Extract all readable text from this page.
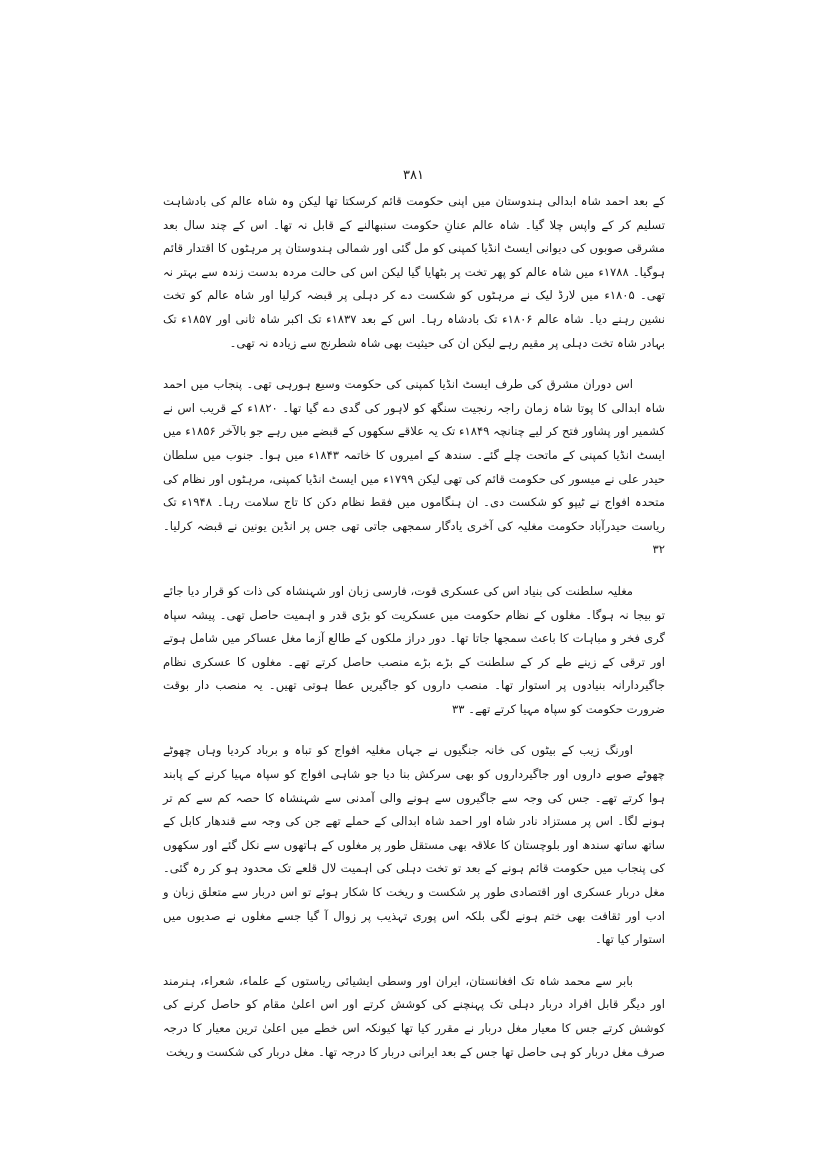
۳۸۱

کے بعد احمد شاہ ابدالی ہندوستان میں اپنی حکومت قائم کرسکتا تھا لیکن وہ شاہ عالم کی بادشاہت تسلیم کر کے واپس چلا گیا۔ شاہ عالم عنانِ حکومت سنبھالنے کے قابل نہ تھا۔ اس کے چند سال بعد مشرقی صوبوں کی دیوانی ایسٹ انڈیا کمپنی کو مل گئی اور شمالی ہندوستان پر مرہٹوں کا اقتدار قائم ہوگیا۔ ۱۷۸۸ء میں شاہ عالم کو پھر تخت پر بٹھایا گیا لیکن اس کی حالت مردہ بدست زندہ سے بہتر نہ تھی۔ ۱۸۰۵ء میں لارڈ لیک نے مرہٹوں کو شکست دے کر دہلی پر قبضہ کرلیا اور شاہ عالم کو تخت نشین رہنے دیا۔ شاہ عالم ۱۸۰۶ء تک بادشاہ رہا۔ اس کے بعد ۱۸۳۷ء تک اکبر شاہ ثانی اور ۱۸۵۷ء تک بہادر شاہ تخت دہلی پر مقیم رہے لیکن ان کی حیثیت بھی شاہ شطرنج سے زیادہ نہ تھی۔

اس دوران مشرق کی طرف ایسٹ انڈیا کمپنی کی حکومت وسیع ہورہی تھی۔ پنجاب میں احمد شاہ ابدالی کا پوتا شاہ زمان راجہ رنجیت سنگھ کو لاہور کی گدی دے گیا تھا۔ ۱۸۲۰ء کے قریب اس نے کشمیر اور پشاور فتح کر لیے چنانچہ ۱۸۴۹ء تک یہ علاقے سکھوں کے قبضے میں رہے جو بالآخر ۱۸۵۶ء میں ایسٹ انڈیا کمپنی کے ماتحت چلے گئے۔ سندھ کے امیروں کا خاتمہ ۱۸۴۳ء میں ہوا۔ جنوب میں سلطان حیدر علی نے میسور کی حکومت قائم کی تھی لیکن ۱۷۹۹ء میں ایسٹ انڈیا کمپنی، مرہٹوں اور نظام کی متحدہ افواج نے ٹیپو کو شکست دی۔ ان ہنگاموں میں فقط نظام دکن کا تاج سلامت رہا۔ ۱۹۴۸ء تک ریاست حیدرآباد حکومت مغلیہ کی آخری یادگار سمجھی جاتی تھی جس پر انڈین یونین نے قبضہ کرلیا۔ ۳۲

مغلیہ سلطنت کی بنیاد اس کی عسکری قوت، فارسی زبان اور شہنشاہ کی ذات کو قرار دیا جائے تو بیجا نہ ہوگا۔ مغلوں کے نظام حکومت میں عسکریت کو بڑی قدر و اہمیت حاصل تھی۔ پیشہ سپاہ گری فخر و مباہات کا باعث سمجھا جاتا تھا۔ دور دراز ملکوں کے طالع آزما مغل عساکر میں شامل ہوتے اور ترقی کے زینے طے کر کے سلطنت کے بڑے بڑے منصب حاصل کرتے تھے۔ مغلوں کا عسکری نظام جاگیردارانہ بنیادوں پر استوار تھا۔ منصب داروں کو جاگیریں عطا ہوتی تھیں۔ یہ منصب دار بوقت ضرورت حکومت کو سپاہ مہیا کرتے تھے۔ ۳۳

اورنگ زیب کے بیٹوں کی خانہ جنگیوں نے جہاں مغلیہ افواج کو تباہ و برباد کردیا وہاں چھوٹے چھوٹے صوبے داروں اور جاگیرداروں کو بھی سرکش بنا دیا جو شاہی افواج کو سپاہ مہیا کرنے کے پابند ہوا کرتے تھے۔ جس کی وجہ سے جاگیروں سے ہونے والی آمدنی سے شہنشاہ کا حصہ کم سے کم تر ہونے لگا۔ اس پر مستزاد نادر شاہ اور احمد شاہ ابدالی کے حملے تھے جن کی وجہ سے قندھار کابل کے ساتھ ساتھ سندھ اور بلوچستان کا علاقہ بھی مستقل طور پر مغلوں کے ہاتھوں سے نکل گئے اور سکھوں کی پنجاب میں حکومت قائم ہونے کے بعد تو تخت دہلی کی اہمیت لال قلعے تک محدود ہو کر رہ گئی۔ مغل دربار عسکری اور اقتصادی طور پر شکست و ریخت کا شکار ہوئے تو اس دربار سے متعلق زبان و ادب اور ثقافت بھی ختم ہونے لگی بلکہ اس پوری تہذیب پر زوال آ گیا جسے مغلوں نے صدیوں میں استوار کیا تھا۔

بابر سے محمد شاہ تک افغانستان، ایران اور وسطی ایشیائی ریاستوں کے علماء، شعراء، ہنرمند اور دیگر قابل افراد دربار دہلی تک پہنچنے کی کوشش کرتے اور اس اعلیٰ مقام کو حاصل کرنے کی کوشش کرتے جس کا معیار مغل دربار نے مقرر کیا تھا کیونکہ اس خطے میں اعلیٰ ترین معیار کا درجہ صرف مغل دربار کو ہی حاصل تھا جس کے بعد ایرانی دربار کا درجہ تھا۔ مغل دربار کی شکست و ریخت
